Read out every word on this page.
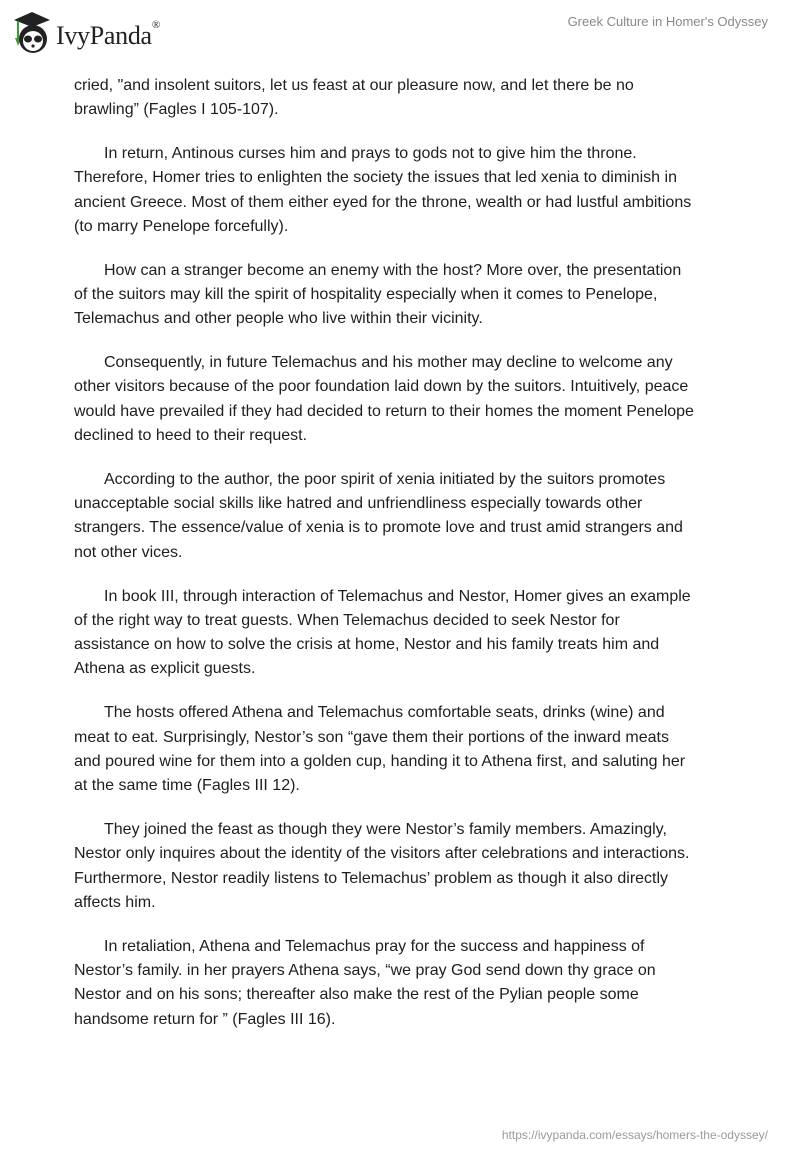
IvyPanda®	Greek Culture in Homer's Odyssey

cried, "and insolent suitors, let us feast at our pleasure now, and let there be no
brawling” (Fagles I 105-107).

In return, Antinous curses him and prays to gods not to give him the throne.
Therefore, Homer tries to enlighten the society the issues that led xenia to diminish in
ancient Greece. Most of them either eyed for the throne, wealth or had lustful ambitions
(to marry Penelope forcefully).

How can a stranger become an enemy with the host? More over, the presentation
of the suitors may kill the spirit of hospitality especially when it comes to Penelope,
Telemachus and other people who live within their vicinity.

Consequently, in future Telemachus and his mother may decline to welcome any
other visitors because of the poor foundation laid down by the suitors. Intuitively, peace
would have prevailed if they had decided to return to their homes the moment Penelope
declined to heed to their request.

According to the author, the poor spirit of xenia initiated by the suitors promotes
unacceptable social skills like hatred and unfriendliness especially towards other
strangers. The essence/value of xenia is to promote love and trust amid strangers and
not other vices.

In book III, through interaction of Telemachus and Nestor, Homer gives an example
of the right way to treat guests. When Telemachus decided to seek Nestor for
assistance on how to solve the crisis at home, Nestor and his family treats him and
Athena as explicit guests.

The hosts offered Athena and Telemachus comfortable seats, drinks (wine) and
meat to eat. Surprisingly, Nestor’s son “gave them their portions of the inward meats
and poured wine for them into a golden cup, handing it to Athena first, and saluting her
at the same time (Fagles III 12).

They joined the feast as though they were Nestor’s family members. Amazingly,
Nestor only inquires about the identity of the visitors after celebrations and interactions.
Furthermore, Nestor readily listens to Telemachus’ problem as though it also directly
affects him.

In retaliation, Athena and Telemachus pray for the success and happiness of
Nestor’s family. in her prayers Athena says, “we pray God send down thy grace on
Nestor and on his sons; thereafter also make the rest of the Pylian people some
handsome return for ” (Fagles III 16).

https://ivypanda.com/essays/homers-the-odyssey/
